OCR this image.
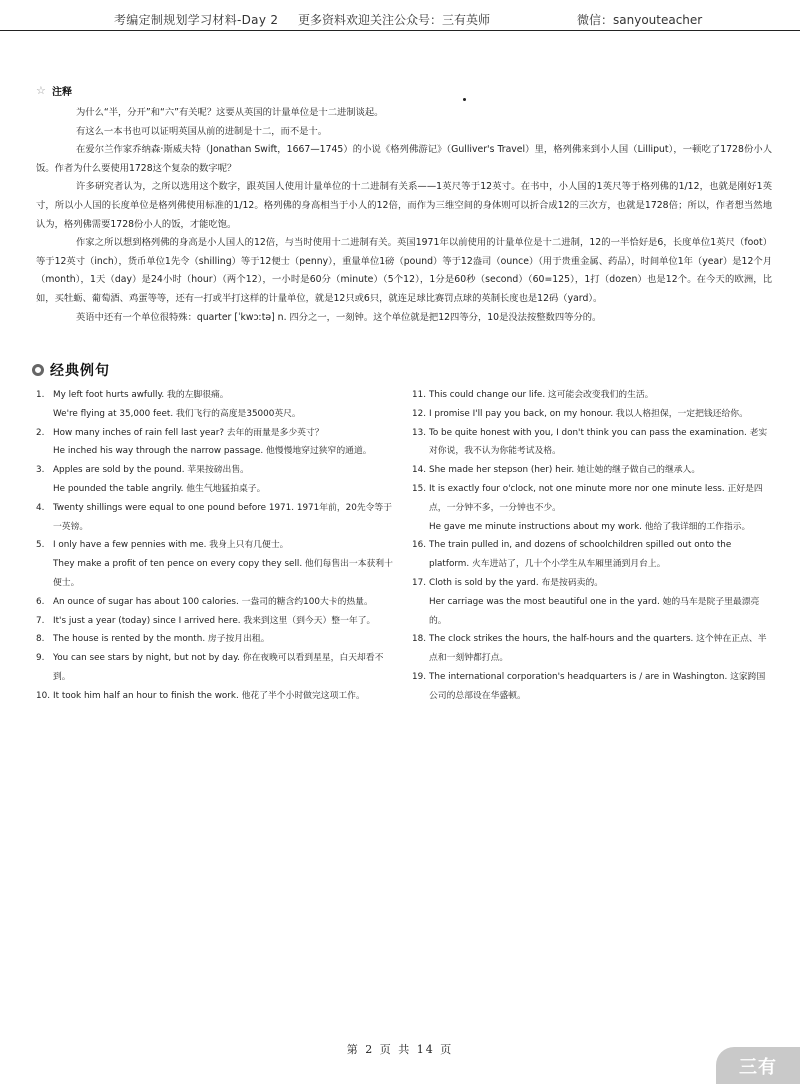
考编定制规划学习材料-Day 2 更多资料欢迎关注公众号：三有英师	微信：sanyouteacher
☆ 注释

为什么“半，分开”和“六”有关呢？这要从英国的计量单位是十二进制谈起。

有这么一本书也可以证明英国从前的进制是十二，而不是十。

在爱尔兰作家乔纳森·斯威夫特（Jonathan Swift，1667—1745）的小说《格列佛游记》（Gulliver's Travel）里，格列佛来到小人国（Lilliput），一顿吃了1728份小人饭。作者为什么要使用1728这个复杂的数字呢？

许多研究者认为，之所以选用这个数字，跟英国人使用计量单位的十二进制有关系——1英尺等于12英寸。在书中，小人国的1英尺等于格列佛的1/12，也就是刚好1英寸，所以小人国的长度单位是格列佛使用标准的1/12。格列佛的身高相当于小人的12倍，而作为三维空间的身体则可以折合成12的三次方，也就是1728倍；所以，作者想当然地认为，格列佛需要1728份小人的饭，才能吃饱。

作家之所以想到格列佛的身高是小人国人的12倍，与当时使用十二进制有关。英国1971年以前使用的计量单位是十二进制，12的一半恰好是6，长度单位1英尺（foot）等于12英寸（inch），货币单位1先令（shilling）等于12便士（penny），重量单位1磅（pound）等于12盎司（ounce）（用于贵重金属、药品），时间单位1年（year）是12个月（month），1天（day）是24小时（hour）（两个12），一小时是60分（minute）（5个12），1分是60秒（second）（60=125），1打（dozen）也是12个。在今天的欧洲，比如，买牡蛎、葡萄酒、鸡蛋等等，还有一打或半打这样的计量单位，就是12只或6只，就连足球比赛罚点球的英制长度也是12码（yard）。

英语中还有一个单位很特殊：quarter [ˈkwɔːtə] n. 四分之一，一刻钟。这个单位就是把12四等分，10是没法按整数四等分的。

经典例句
1. My left foot hurts awfully. 我的左脚很痛。
We're flying at 35,000 feet. 我们飞行的高度是35000英尺。
2. How many inches of rain fell last year? 去年的雨量是多少英寸？
He inched his way through the narrow passage. 他慢慢地穿过狭窄的通道。
3. Apples are sold by the pound. 苹果按磅出售。
He pounded the table angrily. 他生气地猛拍桌子。
4. Twenty shillings were equal to one pound before 1971. 1971年前，20先令等于一英镑。
5. I only have a few pennies with me. 我身上只有几便士。
They make a profit of ten pence on every copy they sell. 他们每售出一本获利十便士。
6. An ounce of sugar has about 100 calories. 一盎司的糖含约100大卡的热量。
7. It's just a year (today) since I arrived here. 我来到这里（到今天）整一年了。
8. The house is rented by the month. 房子按月出租。
9. You can see stars by night, but not by day. 你在夜晚可以看到星星，白天却看不到。
10. It took him half an hour to finish the work. 他花了半个小时做完这项工作。
11. This could change our life. 这可能会改变我们的生活。
12. I promise I'll pay you back, on my honour. 我以人格担保，一定把钱还给你。
13. To be quite honest with you, I don't think you can pass the examination. 老实对你说，我不认为你能考试及格。
14. She made her stepson (her) heir. 她让她的继子做自己的继承人。
15. It is exactly four o'clock, not one minute more nor one minute less. 正好是四点，一分钟不多，一分钟也不少。
He gave me minute instructions about my work. 他给了我详细的工作指示。
16. The train pulled in, and dozens of schoolchildren spilled out onto the platform. 火车进站了，几十个小学生从车厢里涌到月台上。
17. Cloth is sold by the yard. 布是按码卖的。
Her carriage was the most beautiful one in the yard. 她的马车是院子里最漂亮的。
18. The clock strikes the hours, the half-hours and the quarters. 这个钟在正点、半点和一刻钟都打点。
19. The international corporation's headquarters is / are in Washington. 这家跨国公司的总部设在华盛顿。
第 2 页 共 14 页
三有
